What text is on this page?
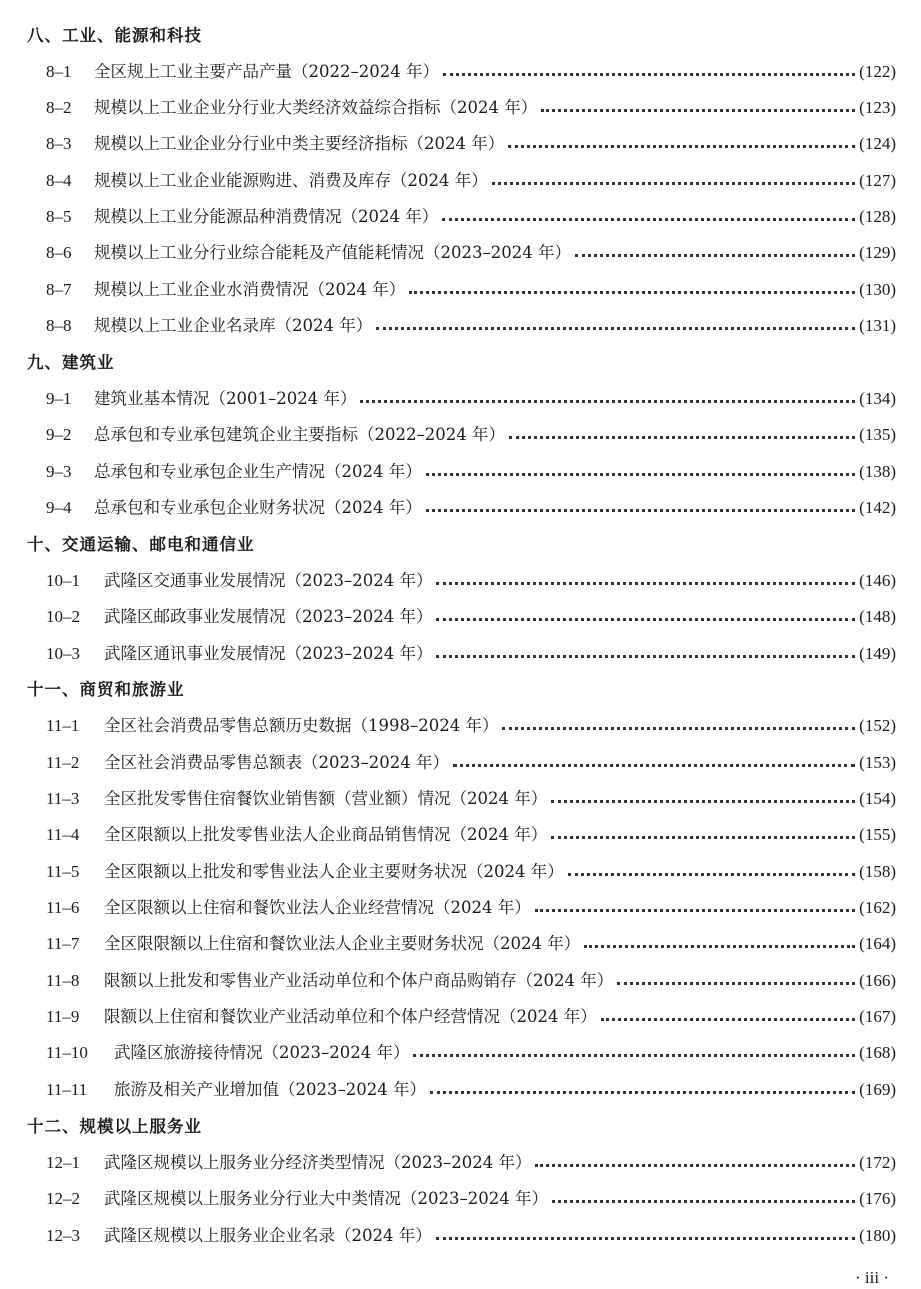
八、工业、能源和科技
8–1	全区规上工业主要产品产量（2022–2024 年）	(122)
8–2	规模以上工业企业分行业大类经济效益综合指标（2024 年）	(123)
8–3	规模以上工业企业分行业中类主要经济指标（2024 年）	(124)
8–4	规模以上工业企业能源购进、消费及库存（2024 年）	(127)
8–5	规模以上工业分能源品种消费情况（2024 年）	(128)
8–6	规模以上工业分行业综合能耗及产值能耗情况（2023–2024 年）	(129)
8–7	规模以上工业企业水消费情况（2024 年）	(130)
8–8	规模以上工业企业名录库（2024 年）	(131)
九、建筑业
9–1	建筑业基本情况（2001–2024 年）	(134)
9–2	总承包和专业承包建筑企业主要指标（2022–2024 年）	(135)
9–3	总承包和专业承包企业生产情况（2024 年）	(138)
9–4	总承包和专业承包企业财务状况（2024 年）	(142)
十、交通运输、邮电和通信业
10–1	武隆区交通事业发展情况（2023–2024 年）	(146)
10–2	武隆区邮政事业发展情况（2023–2024 年）	(148)
10–3	武隆区通讯事业发展情况（2023–2024 年）	(149)
十一、商贸和旅游业
11–1	全区社会消费品零售总额历史数据（1998–2024 年）	(152)
11–2	全区社会消费品零售总额表（2023–2024 年）	(153)
11–3	全区批发零售住宿餐饮业销售额（营业额）情况（2024 年）	(154)
11–4	全区限额以上批发零售业法人企业商品销售情况（2024 年）	(155)
11–5	全区限额以上批发和零售业法人企业主要财务状况（2024 年）	(158)
11–6	全区限额以上住宿和餐饮业法人企业经营情况（2024 年）	(162)
11–7	全区限限额以上住宿和餐饮业法人企业主要财务状况（2024 年）	(164)
11–8	限额以上批发和零售业产业活动单位和个体户商品购销存（2024 年）	(166)
11–9	限额以上住宿和餐饮业产业活动单位和个体户经营情况（2024 年）	(167)
11–10	武隆区旅游接待情况（2023–2024 年）	(168)
11–11	旅游及相关产业增加值（2023–2024 年）	(169)
十二、规模以上服务业
12–1	武隆区规模以上服务业分经济类型情况（2023–2024 年）	(172)
12–2	武隆区规模以上服务业分行业大中类情况（2023–2024 年）	(176)
12–3	武隆区规模以上服务业企业名录（2024 年）	(180)
· iii ·
